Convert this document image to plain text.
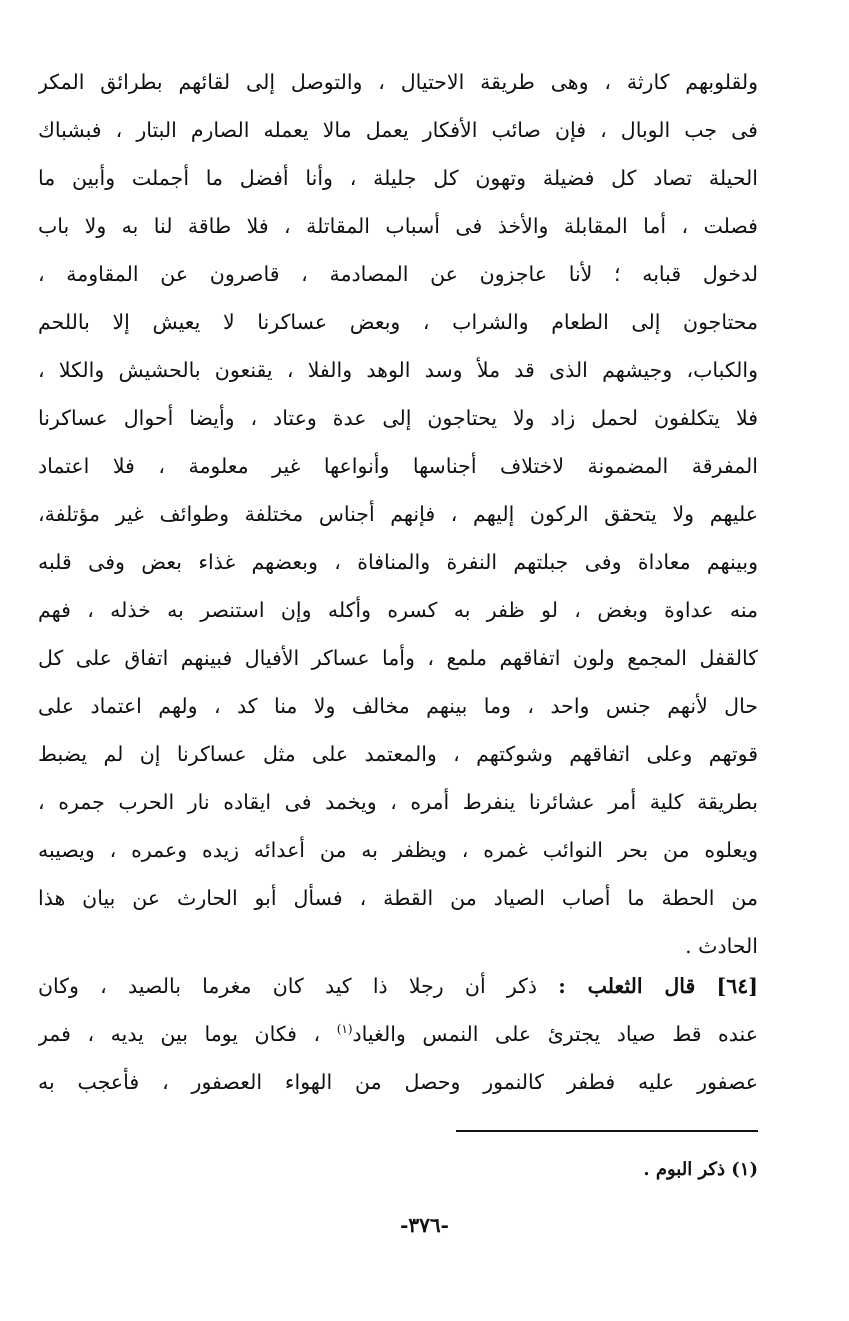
ولقلوبهم كارثة ، وهى طريقة الاحتيال ، والتوصل إلى لقائهم بطرائق المكر
فى جب الوبال ، فإن صائب الأفكار يعمل مالا يعمله الصارم البتار ، فبشباك
الحيلة تصاد كل فضيلة وتهون كل جليلة ، وأنا أفضل ما أجملت وأبين ما
فصلت ، أما المقابلة والأخذ فى أسباب المقاتلة ، فلا طاقة لنا به ولا باب
لدخول قبابه ؛ لأنا عاجزون عن المصادمة ، قاصرون عن المقاومة ،
محتاجون إلى الطعام والشراب ، وبعض عساكرنا لا يعيش إلا باللحم
والكباب، وجيشهم الذى قد ملأ وسد الوهد والفلا ، يقنعون بالحشيش والكلا ،
فلا يتكلفون لحمل زاد ولا يحتاجون إلى عدة وعتاد ، وأيضا أحوال عساكرنا
المفرقة المضمونة لاختلاف أجناسها وأنواعها غير معلومة ، فلا اعتماد
عليهم ولا يتحقق الركون إليهم ، فإنهم أجناس مختلفة وطوائف غير مؤتلفة،
وبينهم معاداة وفى جبلتهم النفرة والمنافاة ، وبعضهم غذاء بعض وفى قلبه
منه عداوة وبغض ، لو ظفر به كسره وأكله وإن استنصر به خذله ، فهم
كالقفل المجمع ولون اتفاقهم ملمع ، وأما عساكر الأفيال فبينهم اتفاق على كل
حال لأنهم جنس واحد ، وما بينهم مخالف ولا منا كد ، ولهم اعتماد على
قوتهم وعلى اتفاقهم وشوكتهم ، والمعتمد على مثل عساكرنا إن لم يضبط
بطريقة كلية أمر عشائرنا ينفرط أمره ، ويخمد فى ايقاده نار الحرب جمره ،
ويعلوه من بحر النوائب غمره ، ويظفر به من أعدائه زيده وعمره ، ويصيبه
من الحطة ما أصاب الصياد من القطة ، فسأل أبو الحارث عن بيان هذا
الحادث .
[٦٤] قال الثعلب : ذكر أن رجلا ذا كيد كان مغرما بالصيد ، وكان
عنده قط صياد يجترئ على النمس والغياد$^{(١)}$ ، فكان يوما بين يديه ، فمر
عصفور عليه فطفر كالنمور وحصل من الهواء العصفور ، فأعجب به
(١) ذكر البوم .
-٣٧٦-
